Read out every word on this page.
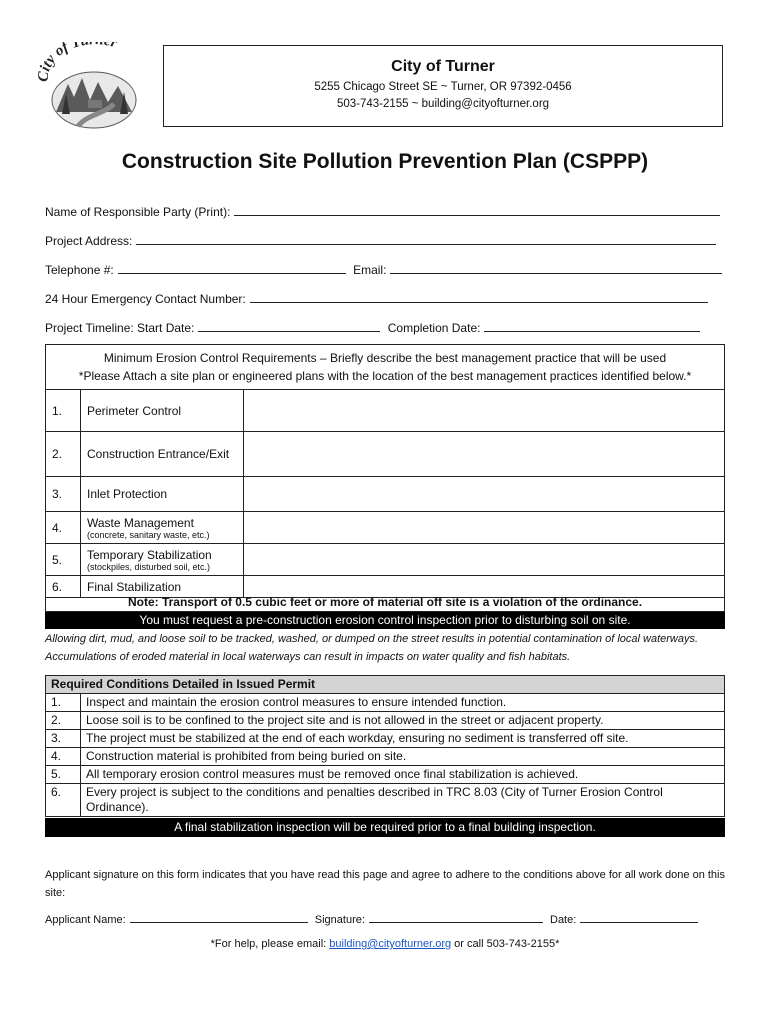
ity of T r
City of Turner
5255 Chicago Street SE ~ Turner, OR 97392-0456
503-743-2155 ~ building@cityofturner.org
Construction Site Pollution Prevention Plan (CSPPP)
Name of Responsible Party (Print):
Project Address:
Telephone #:	Email:
24 Hour Emergency Contact Number:
Project Timeline: Start Date:	Completion Date:
Minimum Erosion Control Requirements – Briefly describe the best management practice that will be used
*Please Attach a site plan or engineered plans with the location of the best management practices identified below.*		

1.	Perimeter Control	
2.	Construction Entrance/Exit	
3.	Inlet Protection	
4.	Waste Management
(concrete, sanitary waste, etc.)	

5.	Temporary Stabilization
(stockpiles, disturbed soil, etc.)	

6.	Final Stabilization	
Note: Transport of 0.5 cubic feet or more of material off site is a violation of the ordinance.
You must request a pre-construction erosion control inspection prior to disturbing soil on site.
Allowing dirt, mud, and loose soil to be tracked, washed, or dumped on the street results in potential contamination of local waterways. Accumulations of eroded material in local waterways can result in impacts on water quality and fish habitats.
Required Conditions Detailed in Issued Permit	
1.	Inspect and maintain the erosion control measures to ensure intended function.
2.	Loose soil is to be confined to the project site and is not allowed in the street or adjacent property.
3.	The project must be stabilized at the end of each workday, ensuring no sediment is transferred off site.
4.	Construction material is prohibited from being buried on site.
5.	All temporary erosion control measures must be removed once final stabilization is achieved.
6.	Every project is subject to the conditions and penalties described in TRC 8.03 (City of Turner Erosion Control Ordinance).
A final stabilization inspection will be required prior to a final building inspection.
Applicant signature on this form indicates that you have read this page and agree to adhere to the conditions above for all work done on this site:
Applicant Name:	Signature:	Date:
*For help, please email: building@cityofturner.org or call 503-743-2155*
